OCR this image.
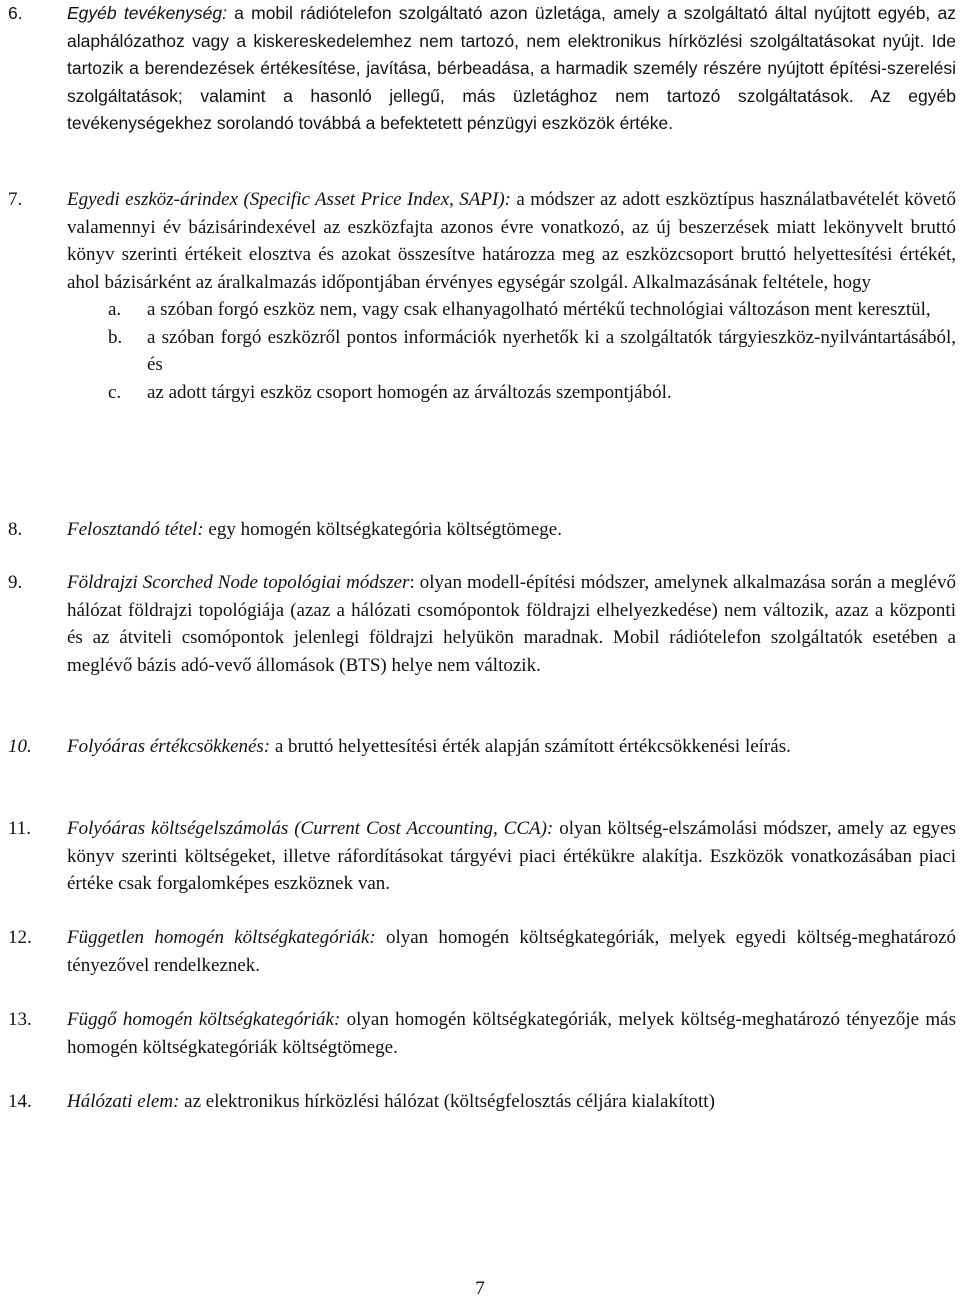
6.	Egyéb tevékenység: a mobil rádiótelefon szolgáltató azon üzletága, amely a szolgáltató által nyújtott egyéb, az alaphálózathoz vagy a kiskereskedelemhez nem tartozó, nem elektronikus hírközlési szolgáltatásokat nyújt. Ide tartozik a berendezések értékesítése, javítása, bérbeadása, a harmadik személy részére nyújtott építési-szerelési szolgáltatások; valamint a hasonló jellegű, más üzletághoz nem tartozó szolgáltatások. Az egyéb tevékenységekhez sorolandó továbbá a befektetett pénzügyi eszközök értéke.

7. Egyedi eszköz-árindex (Specific Asset Price Index, SAPI): a módszer az adott eszköztípus használatbavételét követő valamennyi év bázisárindexével az eszközfajta azonos évre vonatkozó, az új beszerzések miatt lekönyvelt bruttó könyv szerinti értékeit elosztva és azokat összesítve határozza meg az eszközcsoport bruttó helyettesítési értékét, ahol bázisárként az áralkalmazás időpontjában érvényes egységár szolgál. Alkalmazásának feltétele, hogy

a. a szóban forgó eszköz nem, vagy csak elhanyagolható mértékű technológiai változáson ment keresztül,
b. a szóban forgó eszközről pontos információk nyerhetők ki a szolgáltatók tárgyieszköz-nyilvántartásából, és
c. az adott tárgyi eszköz csoport homogén az árváltozás szempontjából.
8. Felosztandó tétel: egy homogén költségkategória költségtömege.

9. Földrajzi Scorched Node topológiai módszer: olyan modell-építési módszer, amelynek alkalmazása során a meglévő hálózat földrajzi topológiája (azaz a hálózati csomópontok földrajzi elhelyezkedése) nem változik, azaz a központi és az átviteli csomópontok jelenlegi földrajzi helyükön maradnak. Mobil rádiótelefon szolgáltatók esetében a meglévő bázis adó-vevő állomások (BTS) helye nem változik.

10. Folyóáras értékcsökkenés: a bruttó helyettesítési érték alapján számított értékcsökkenési leírás.

11. Folyóáras költségelszámolás (Current Cost Accounting, CCA): olyan költség-elszámolási módszer, amely az egyes könyv szerinti költségeket, illetve ráfordításokat tárgyévi piaci értékükre alakítja. Eszközök vonatkozásában piaci értéke csak forgalomképes eszköznek van.

12. Független homogén költségkategóriák: olyan homogén költségkategóriák, melyek egyedi költség-meghatározó tényezővel rendelkeznek.

13. Függő homogén költségkategóriák: olyan homogén költségkategóriák, melyek költség-meghatározó tényezője más homogén költségkategóriák költségtömege.

14. Hálózati elem: az elektronikus hírközlési hálózat (költségfelosztás céljára kialakított)

7
